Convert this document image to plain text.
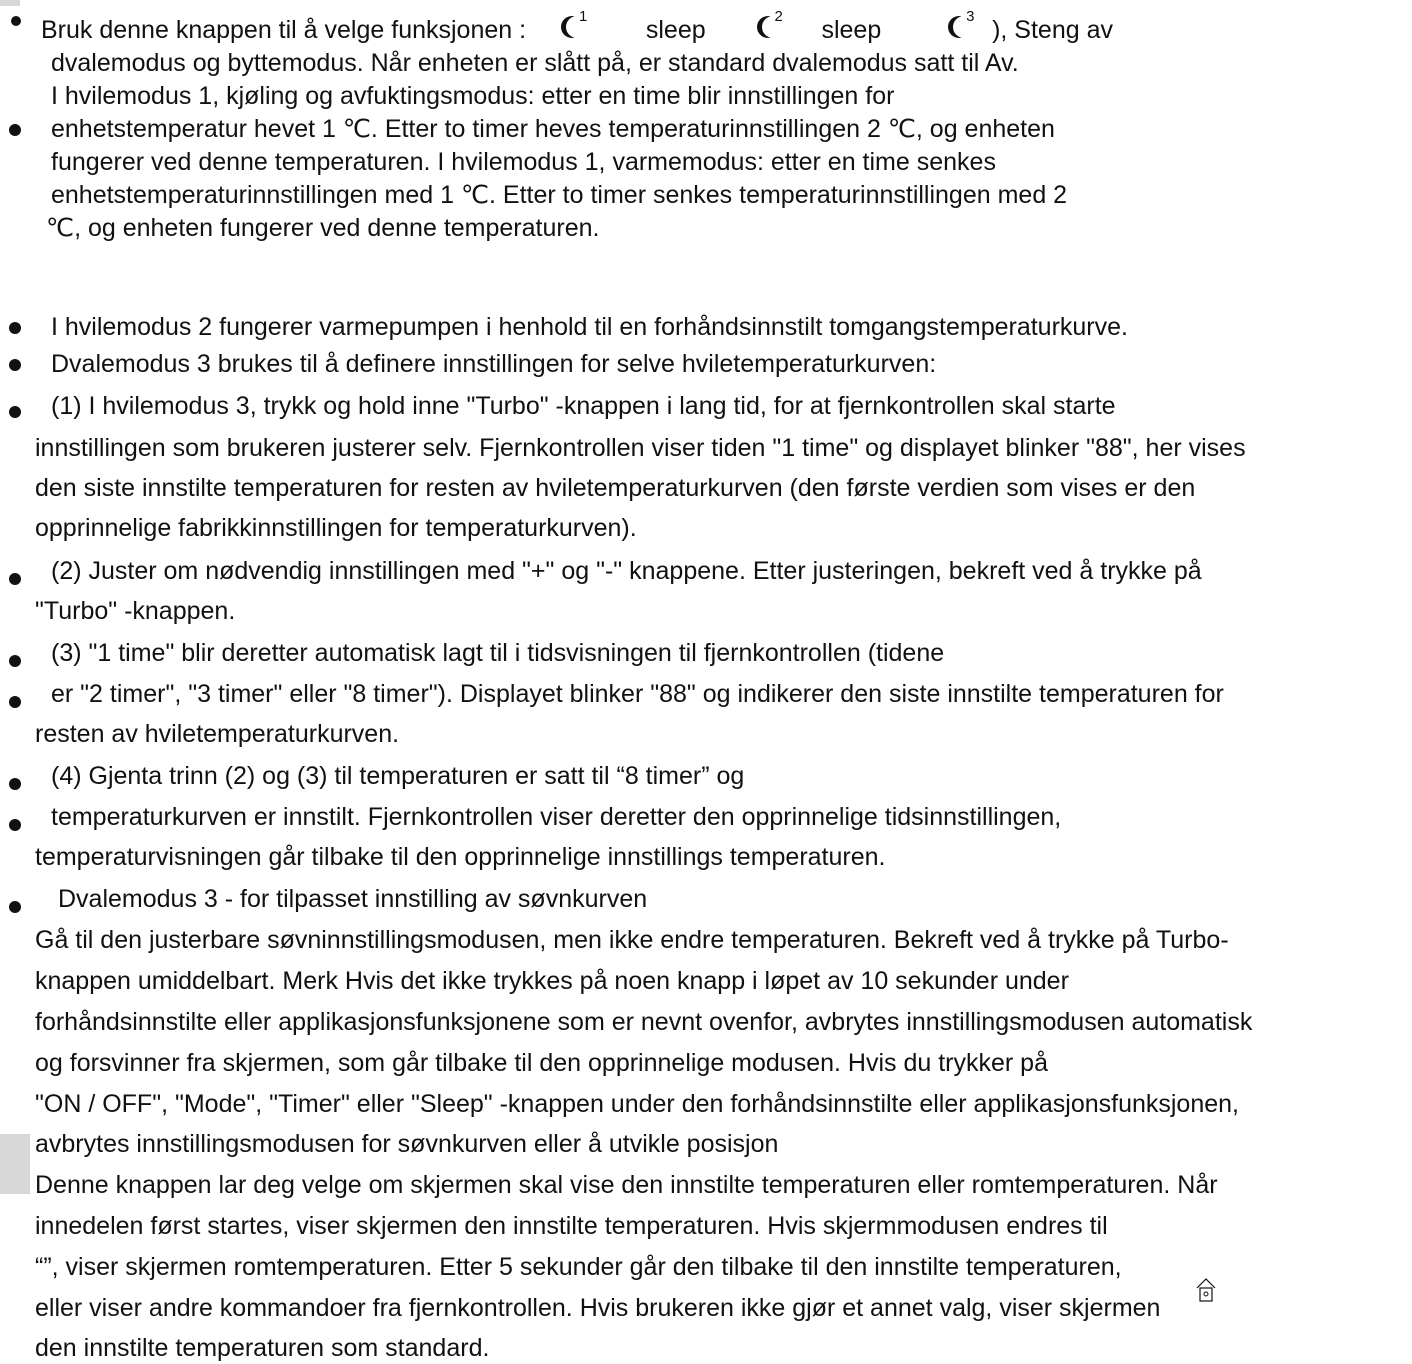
Bruk denne knappen til å velge funksjonen :	1 sleep	2 sleep	3 ), Steng av
dvalemodus og byttemodus. Når enheten er slått på, er standard dvalemodus satt til Av.
I hvilemodus 1, kjøling og avfuktingsmodus: etter en time blir innstillingen for
enhetstemperatur hevet 1 ℃. Etter to timer heves temperaturinnstillingen 2 ℃, og enheten
fungerer ved denne temperaturen. I hvilemodus 1, varmemodus: etter en time senkes
enhetstemperaturinnstillingen med 1 ℃. Etter to timer senkes temperaturinnstillingen med 2
℃, og enheten fungerer ved denne temperaturen.
I hvilemodus 2 fungerer varmepumpen i henhold til en forhåndsinnstilt tomgangstemperaturkurve.
Dvalemodus 3 brukes til å definere innstillingen for selve hviletemperaturkurven:
(1) I hvilemodus 3, trykk og hold inne "Turbo" -knappen i lang tid, for at fjernkontrollen skal starte
innstillingen som brukeren justerer selv. Fjernkontrollen viser tiden "1 time" og displayet blinker "88", her vises
den siste innstilte temperaturen for resten av hviletemperaturkurven (den første verdien som vises er den
opprinnelige fabrikkinnstillingen for temperaturkurven).
(2) Juster om nødvendig innstillingen med "+" og "-" knappene. Etter justeringen, bekreft ved å trykke på
"Turbo" -knappen.
(3) "1 time" blir deretter automatisk lagt til i tidsvisningen til fjernkontrollen (tidene
er "2 timer", "3 timer" eller "8 timer"). Displayet blinker "88" og indikerer den siste innstilte temperaturen for
resten av hviletemperaturkurven.
(4) Gjenta trinn (2) og (3) til temperaturen er satt til “8 timer” og
temperaturkurven er innstilt. Fjernkontrollen viser deretter den opprinnelige tidsinnstillingen,
temperaturvisningen går tilbake til den opprinnelige innstillings temperaturen.
Dvalemodus 3 - for tilpasset innstilling av søvnkurven
Gå til den justerbare søvninnstillingsmodusen, men ikke endre temperaturen. Bekreft ved å trykke på Turbo-
knappen umiddelbart. Merk Hvis det ikke trykkes på noen knapp i løpet av 10 sekunder under
forhåndsinnstilte eller applikasjonsfunksjonene som er nevnt ovenfor, avbrytes innstillingsmodusen automatisk
og forsvinner fra skjermen, som går tilbake til den opprinnelige modusen. Hvis du trykker på
"ON / OFF", "Mode", "Timer" eller "Sleep" -knappen under den forhåndsinnstilte eller applikasjonsfunksjonen,
avbrytes innstillingsmodusen for søvnkurven eller å utvikle posisjon
Denne knappen lar deg velge om skjermen skal vise den innstilte temperaturen eller romtemperaturen. Når
innedelen først startes, viser skjermen den innstilte temperaturen. Hvis skjermmodusen endres til
“”, viser skjermen romtemperaturen. Etter 5 sekunder går den tilbake til den innstilte temperaturen,
eller viser andre kommandoer fra fjernkontrollen. Hvis brukeren ikke gjør et annet valg, viser skjermen
den innstilte temperaturen som standard.
